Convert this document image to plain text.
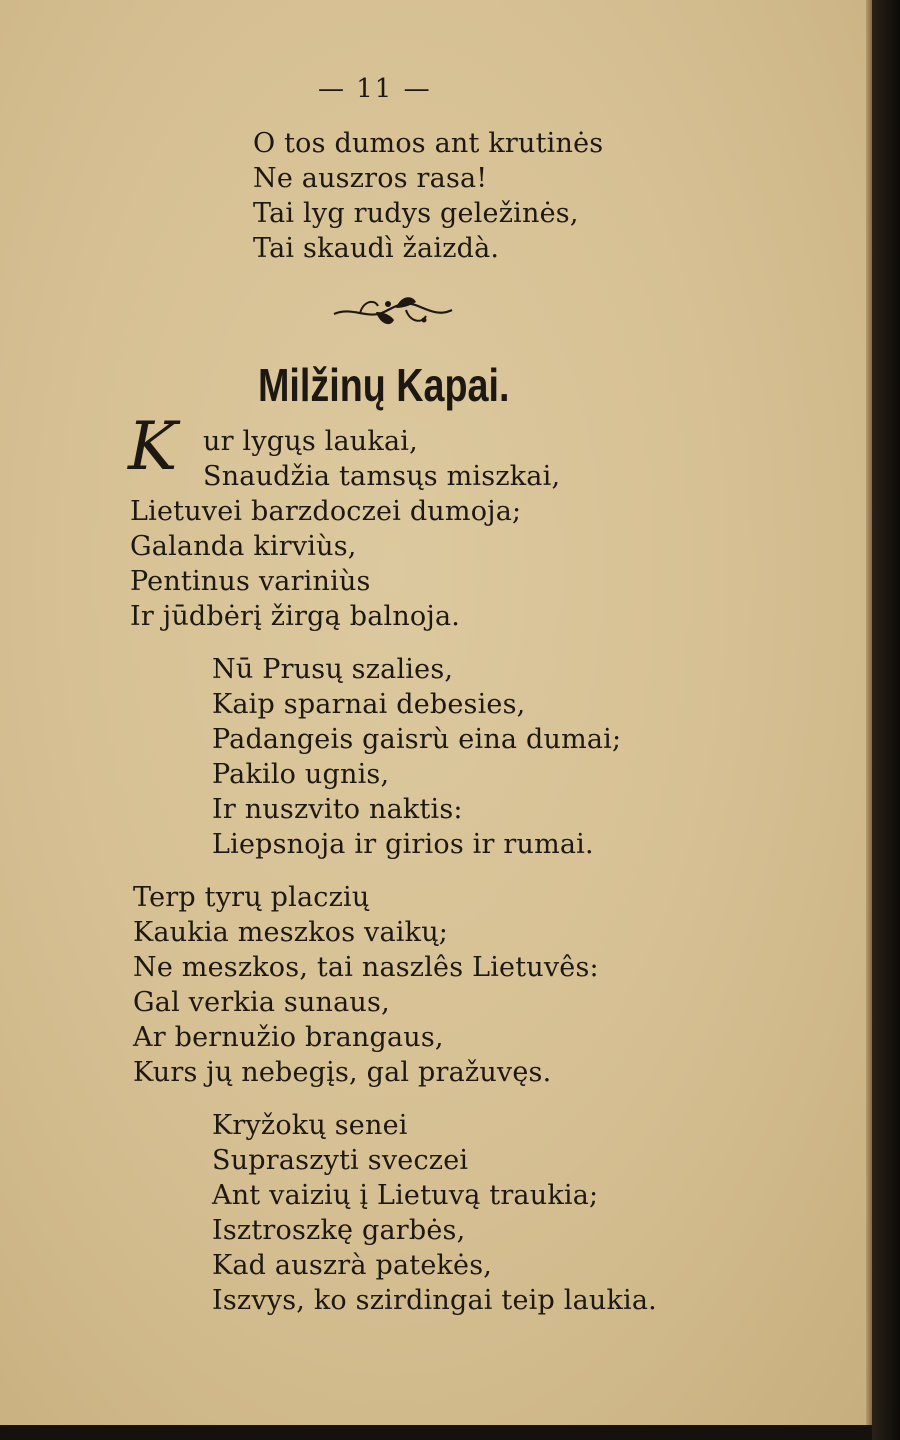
— 11 —
O tos dumos ant krutinės
Ne auszros rasa!
Tai lyg rudys geležinės,
Tai skaudì žaizdà.
Milžinų Kapai.
K ur lygųs laukai,
Snaudžia tamsųs miszkai,
Lietuvei barzdoczei dumoja;
Galanda kirviùs,
Pentinus variniùs
Ir jūdbėrį žirgą balnoja.
Nū Prusų szalies,
Kaip sparnai debesies,
Padangeis gaisrù eina dumai;
Pakilo ugnis,
Ir nuszvito naktis:
Liepsnoja ir girios ir rumai.
Terp tyrų placzių
Kaukia meszkos vaikų;
Ne meszkos, tai naszlês Lietuvês:
Gal verkia sunaus,
Ar bernužio brangaus,
Kurs jų nebegįs, gal pražuvęs.
Kryžokų senei
Supraszyti sveczei
Ant vaizių į Lietuvą traukia;
Isztroszkę garbės,
Kad auszrà patekės,
Iszvys, ko szirdingai teip laukia.
